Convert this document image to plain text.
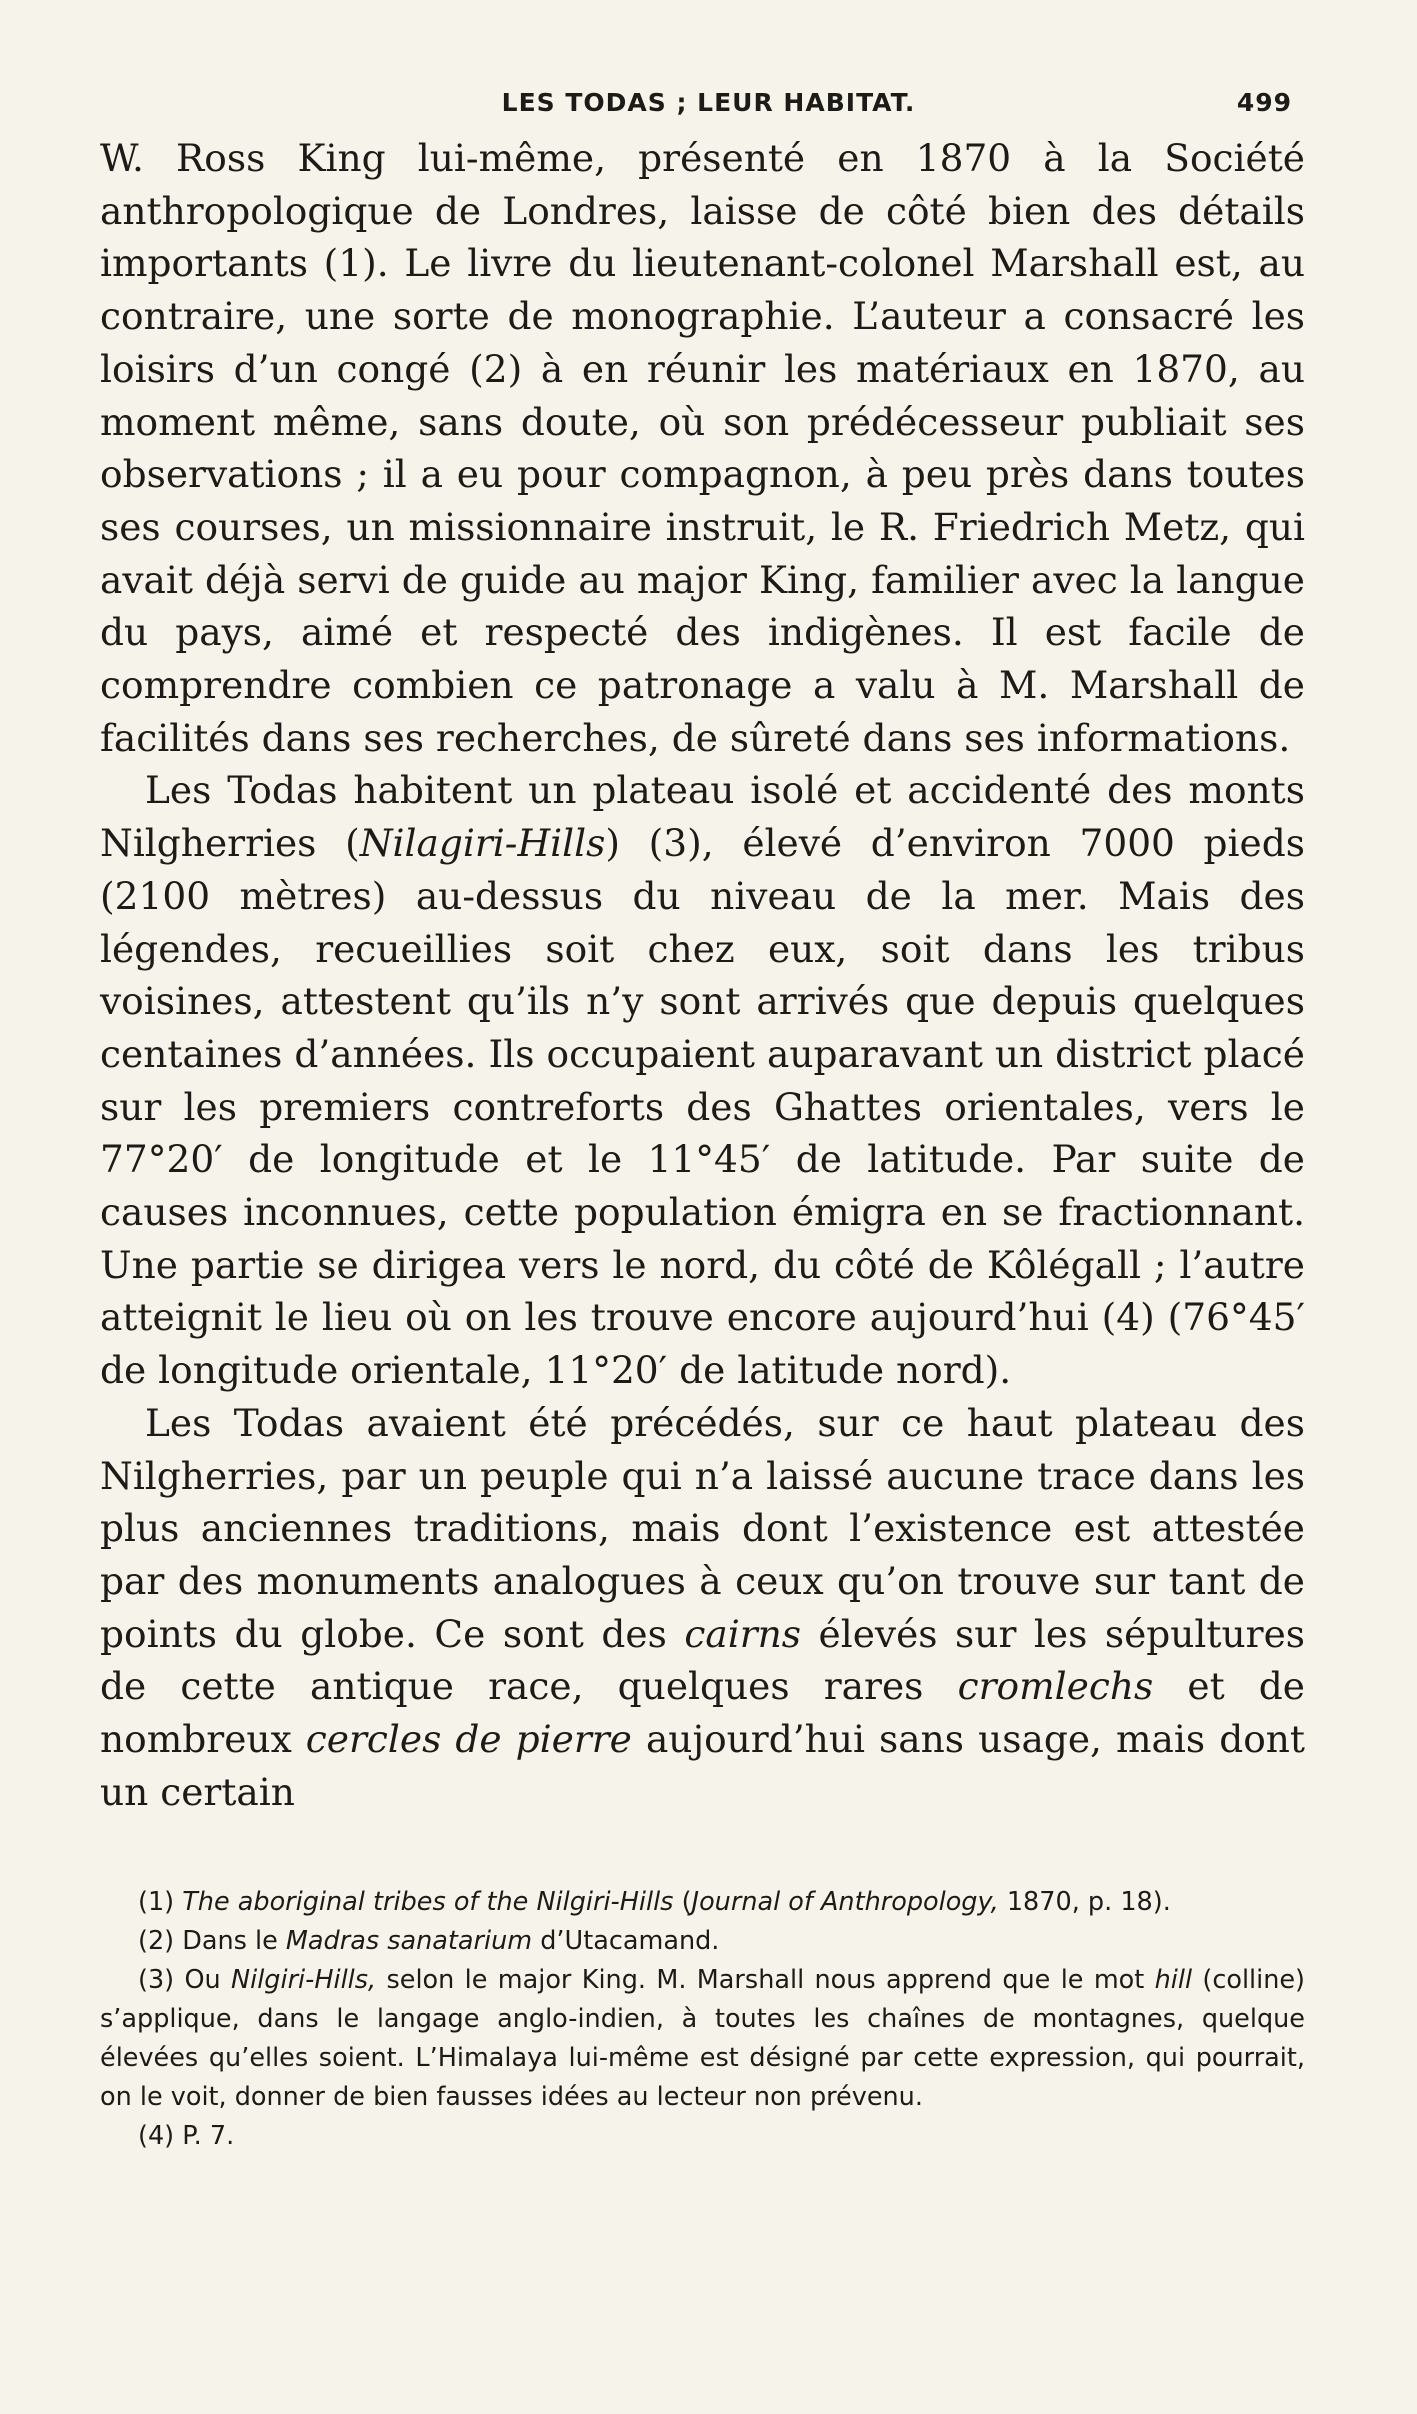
LES TODAS ; LEUR HABITAT.	499

W. Ross King lui-même, présenté en 1870 à la Société anthropologique de Londres, laisse de côté bien des détails importants (1). Le livre du lieutenant-colonel Marshall est, au contraire, une sorte de monographie. L’auteur a consacré les loisirs d’un congé (2) à en réunir les matériaux en 1870, au moment même, sans doute, où son prédécesseur publiait ses observations ; il a eu pour compagnon, à peu près dans toutes ses courses, un missionnaire instruit, le R. Friedrich Metz, qui avait déjà servi de guide au major King, familier avec la langue du pays, aimé et respecté des indigènes. Il est facile de comprendre combien ce patronage a valu à M. Marshall de facilités dans ses recherches, de sûreté dans ses informations.

Les Todas habitent un plateau isolé et accidenté des monts Nilgherries (Nilagiri-Hills) (3), élevé d’environ 7000 pieds (2100 mètres) au-dessus du niveau de la mer. Mais des légendes, recueillies soit chez eux, soit dans les tribus voisines, attestent qu’ils n’y sont arrivés que depuis quelques centaines d’années. Ils occupaient auparavant un district placé sur les premiers contreforts des Ghattes orientales, vers le 77°20′ de longitude et le 11°45′ de latitude. Par suite de causes inconnues, cette population émigra en se fractionnant. Une partie se dirigea vers le nord, du côté de Kôlégall ; l’autre atteignit le lieu où on les trouve encore aujourd’hui (4) (76°45′ de longitude orientale, 11°20′ de latitude nord).

Les Todas avaient été précédés, sur ce haut plateau des Nilgherries, par un peuple qui n’a laissé aucune trace dans les plus anciennes traditions, mais dont l’existence est attestée par des monuments analogues à ceux qu’on trouve sur tant de points du globe. Ce sont des cairns élevés sur les sépultures de cette antique race, quelques rares cromlechs et de nombreux cercles de pierre aujourd’hui sans usage, mais dont un certain

(1) The aboriginal tribes of the Nilgiri-Hills (Journal of Anthropology, 1870, p. 18).

(2) Dans le Madras sanatarium d’Utacamand.

(3) Ou Nilgiri-Hills, selon le major King. M. Marshall nous apprend que le mot hill (colline) s’applique, dans le langage anglo-indien, à toutes les chaînes de montagnes, quelque élevées qu’elles soient. L’Himalaya lui-même est désigné par cette expression, qui pourrait, on le voit, donner de bien fausses idées au lecteur non prévenu.

(4) P. 7.
